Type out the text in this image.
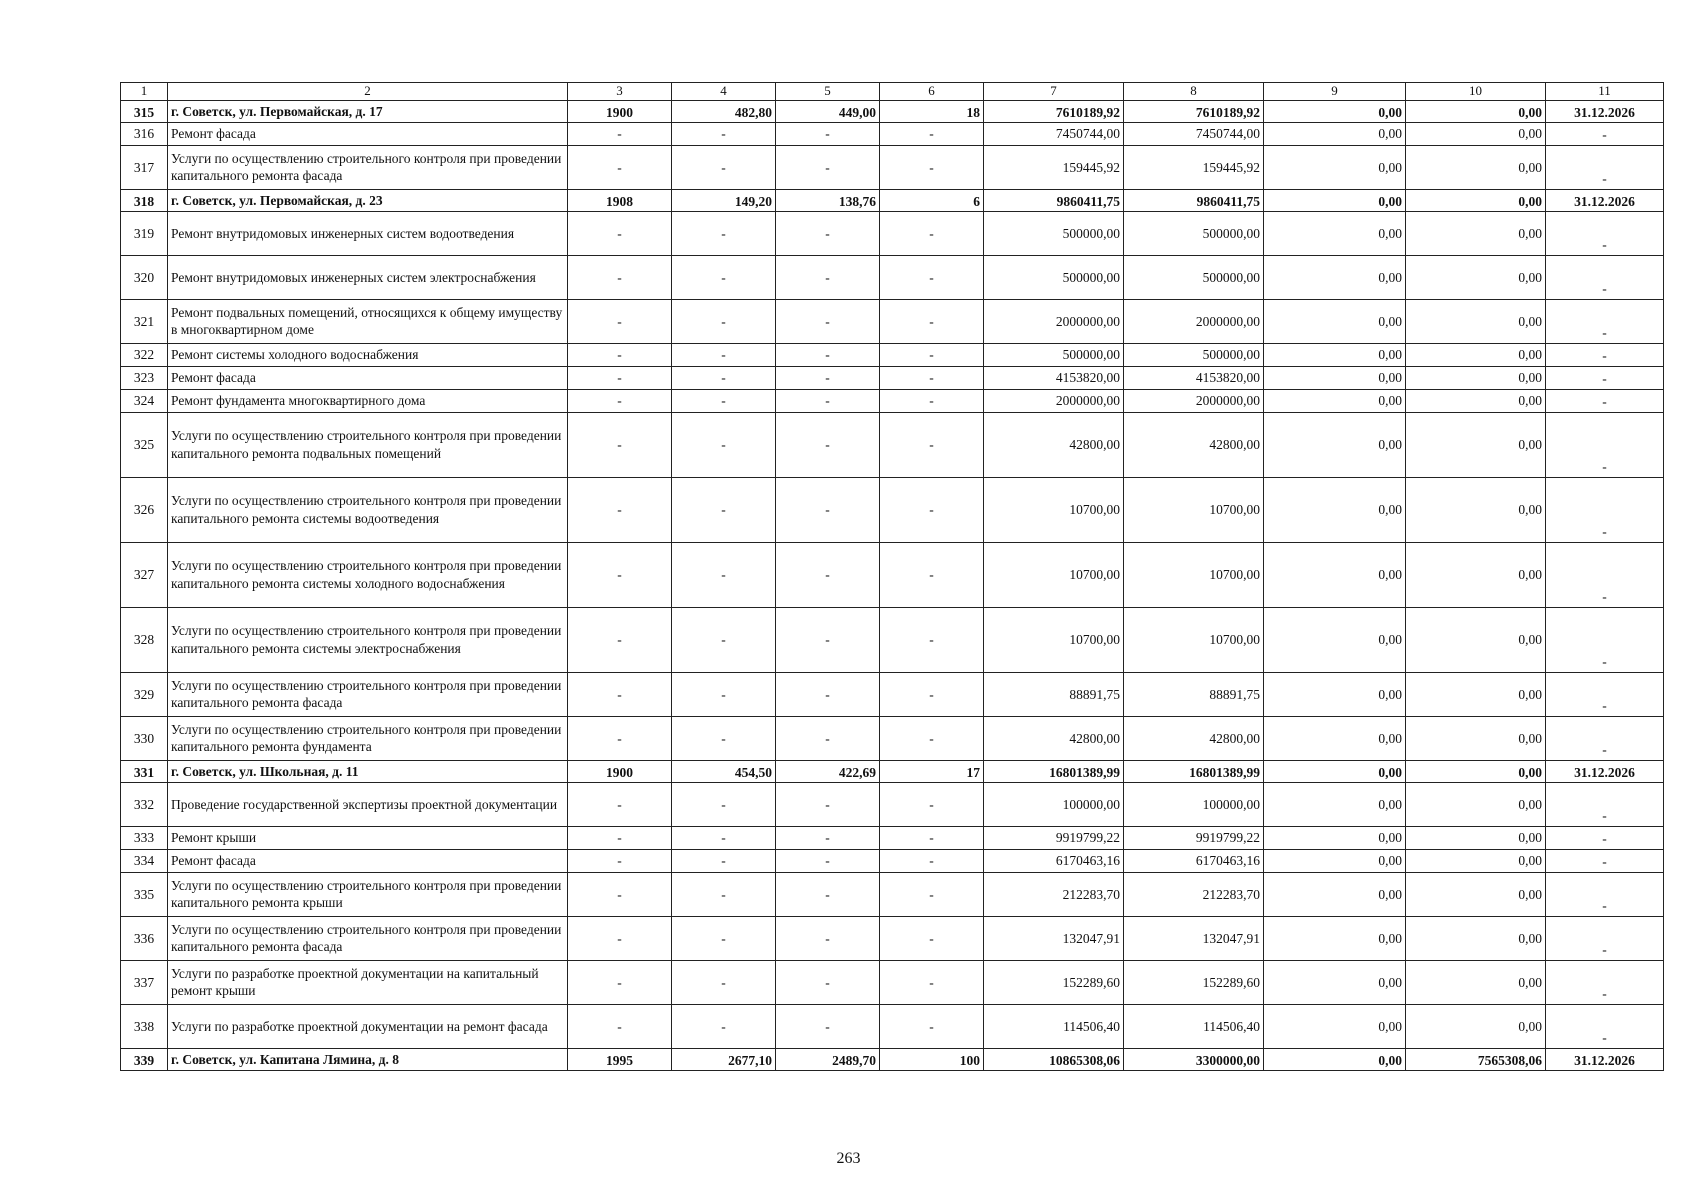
1	2	3	4	5	6	7	8	9	10	11
315	г. Советск, ул. Первомайская, д. 17	1900	482,80	449,00	18	7610189,92	7610189,92	0,00	0,00	31.12.2026
316	Ремонт фасада	-	-	-	-	7450744,00	7450744,00	0,00	0,00	-
317	Услуги по осуществлению строительного контроля при проведении капитального ремонта фасада	-	-	-	-	159445,92	159445,92	0,00	0,00	-
318	г. Советск, ул. Первомайская, д. 23	1908	149,20	138,76	6	9860411,75	9860411,75	0,00	0,00	31.12.2026
319	Ремонт внутридомовых инженерных систем водоотведения	-	-	-	-	500000,00	500000,00	0,00	0,00	-
320	Ремонт внутридомовых инженерных систем электроснабжения	-	-	-	-	500000,00	500000,00	0,00	0,00	-
321	Ремонт подвальных помещений, относящихся к общему имуществу в многоквартирном доме	-	-	-	-	2000000,00	2000000,00	0,00	0,00	-
322	Ремонт системы холодного водоснабжения	-	-	-	-	500000,00	500000,00	0,00	0,00	-
323	Ремонт фасада	-	-	-	-	4153820,00	4153820,00	0,00	0,00	-
324	Ремонт фундамента многоквартирного дома	-	-	-	-	2000000,00	2000000,00	0,00	0,00	-
325	Услуги по осуществлению строительного контроля при проведении капитального ремонта подвальных помещений	-	-	-	-	42800,00	42800,00	0,00	0,00	-
326	Услуги по осуществлению строительного контроля при проведении капитального ремонта системы водоотведения	-	-	-	-	10700,00	10700,00	0,00	0,00	-
327	Услуги по осуществлению строительного контроля при проведении капитального ремонта системы холодного водоснабжения	-	-	-	-	10700,00	10700,00	0,00	0,00	-
328	Услуги по осуществлению строительного контроля при проведении капитального ремонта системы электроснабжения	-	-	-	-	10700,00	10700,00	0,00	0,00	-
329	Услуги по осуществлению строительного контроля при проведении капитального ремонта фасада	-	-	-	-	88891,75	88891,75	0,00	0,00	-
330	Услуги по осуществлению строительного контроля при проведении капитального ремонта фундамента	-	-	-	-	42800,00	42800,00	0,00	0,00	-
331	г. Советск, ул. Школьная, д. 11	1900	454,50	422,69	17	16801389,99	16801389,99	0,00	0,00	31.12.2026
332	Проведение государственной экспертизы проектной документации	-	-	-	-	100000,00	100000,00	0,00	0,00	-
333	Ремонт крыши	-	-	-	-	9919799,22	9919799,22	0,00	0,00	-
334	Ремонт фасада	-	-	-	-	6170463,16	6170463,16	0,00	0,00	-
335	Услуги по осуществлению строительного контроля при проведении капитального ремонта крыши	-	-	-	-	212283,70	212283,70	0,00	0,00	-
336	Услуги по осуществлению строительного контроля при проведении капитального ремонта фасада	-	-	-	-	132047,91	132047,91	0,00	0,00	-
337	Услуги по разработке проектной документации на капитальный ремонт крыши	-	-	-	-	152289,60	152289,60	0,00	0,00	-
338	Услуги по разработке проектной документации на ремонт фасада	-	-	-	-	114506,40	114506,40	0,00	0,00	-
339	г. Советск, ул. Капитана Лямина, д. 8	1995	2677,10	2489,70	100	10865308,06	3300000,00	0,00	7565308,06	31.12.2026
263
